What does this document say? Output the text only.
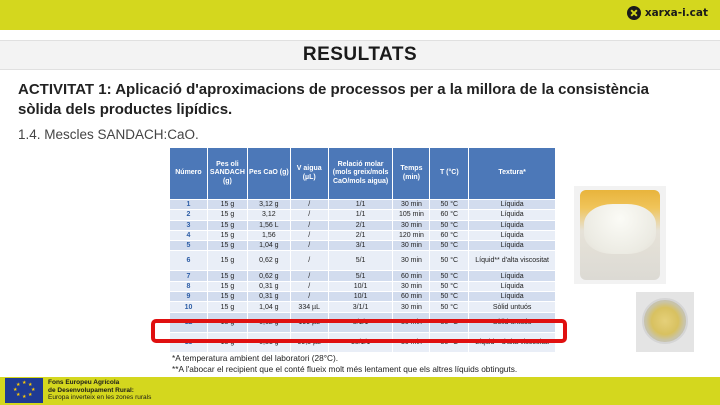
xarxa-i.cat
RESULTATS
ACTIVITAT 1: Aplicació d'aproximacions de processos per a la millora de la consistència sòlida dels productes lipídics.
1.4. Mescles SANDACH:CaO.
Número	Pes oli SANDACH (g)	Pes CaO (g)	V aigua (µL)	Relació molar (mols greix/mols CaO/mols aigua)	Temps (min)	T (°C)	Textura*
1	15 g	3,12 g	/	1/1	30 min	50 °C	Líquida
2	15 g	3,12	/	1/1	105 min	60 °C	Líquida
3	15 g	1,56 L	/	2/1	30 min	50 °C	Líquida
4	15 g	1,56	/	2/1	120 min	60 °C	Líquida
5	15 g	1,04 g	/	3/1	30 min	50 °C	Líquida
6	15 g	0,62 g	/	5/1	30 min	50 °C	Líquid** d'alta viscositat
7	15 g	0,62 g	/	5/1	60 min	50 °C	Líquida
8	15 g	0,31 g	/	10/1	30 min	50 °C	Líquida
9	15 g	0,31 g	/	10/1	60 min	50 °C	Líquida
10	15 g	1,04 g	334 µL	3/1/1	30 min	50 °C	Sòlid untuós
12	15 g	0,62 g	199 µL	5/1/1	30 min	50 °C	Sòlid untuós
13	15 g	0,31 g	99,5 µL	10/1/1	30 min	50 °C	Líquid** d'alta viscositat
*A temperatura ambient del laboratori (28°C).
**A l'abocar el recipient que el conté flueix molt més lentament que els altres líquids obtinguts.
★ ★
★
★
★
★
★
★	Fons Europeu Agrícola
de Desenvolupament Rural:
Europa inverteix en les zones rurals
